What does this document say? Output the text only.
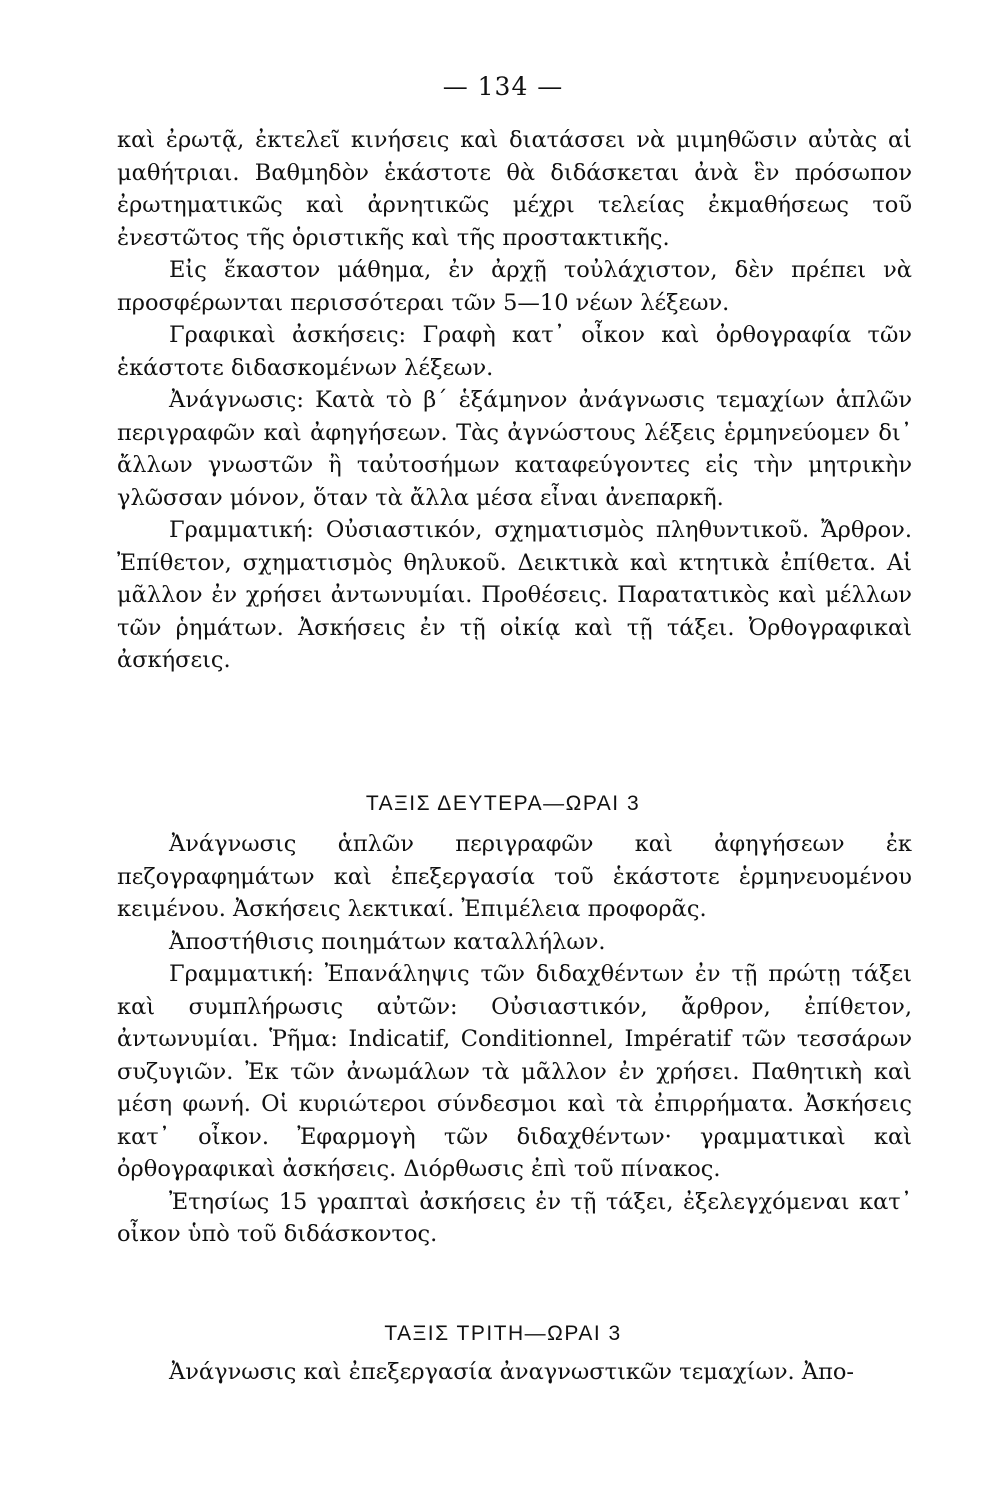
— 134 —

καὶ ἐρωτᾷ, ἐκτελεῖ κινήσεις καὶ διατάσσει νὰ μιμηθῶσιν αὐτὰς αἱ μαθήτριαι. Βαθμηδὸν ἑκάστοτε θὰ διδάσκεται ἀνὰ ἓν πρόσωπον ἐρωτηματικῶς καὶ ἀρνητικῶς μέχρι τελείας ἐκμαθήσεως τοῦ ἐνεστῶτος τῆς ὁριστικῆς καὶ τῆς προστακτικῆς.

Εἰς ἕκαστον μάθημα, ἐν ἀρχῇ τοὐλάχιστον, δὲν πρέπει νὰ προσφέρωνται περισσότεραι τῶν 5—10 νέων λέξεων.

Γραφικαὶ ἀσκήσεις: Γραφὴ κατ᾿ οἶκον καὶ ὀρθογραφία τῶν ἑκάστοτε διδασκομένων λέξεων.

Ἀνάγνωσις: Κατὰ τὸ β΄ ἑξάμηνον ἀνάγνωσις τεμαχίων ἁπλῶν περιγραφῶν καὶ ἀφηγήσεων. Τὰς ἀγνώστους λέξεις ἑρμηνεύομεν δι᾿ ἄλλων γνωστῶν ἢ ταὐτοσήμων καταφεύγοντες εἰς τὴν μητρικὴν γλῶσσαν μόνον, ὅταν τὰ ἄλλα μέσα εἶναι ἀνεπαρκῆ.

Γραμματική: Οὐσιαστικόν, σχηματισμὸς πληθυντικοῦ. Ἄρθρον. Ἐπίθετον, σχηματισμὸς θηλυκοῦ. Δεικτικὰ καὶ κτητικὰ ἐπίθετα. Αἱ μᾶλλον ἐν χρήσει ἀντωνυμίαι. Προθέσεις. Παρατατικὸς καὶ μέλλων τῶν ῥημάτων. Ἀσκήσεις ἐν τῇ οἰκίᾳ καὶ τῇ τάξει. Ὀρθογραφικαὶ ἀσκήσεις.

ΤΑΞΙΣ ΔΕΥΤΕΡΑ—ΩΡΑΙ 3

Ἀνάγνωσις ἁπλῶν περιγραφῶν καὶ ἀφηγήσεων ἐκ πεζογραφημάτων καὶ ἐπεξεργασία τοῦ ἑκάστοτε ἑρμηνευομένου κειμένου. Ἀσκήσεις λεκτικαί. Ἐπιμέλεια προφορᾶς.

Ἀποστήθισις ποιημάτων καταλλήλων.

Γραμματική: Ἐπανάληψις τῶν διδαχθέντων ἐν τῇ πρώτῃ τάξει καὶ συμπλήρωσις αὐτῶν: Οὐσιαστικόν, ἄρθρον, ἐπίθετον, ἀντωνυμίαι. Ῥῆμα: Indicatif, Conditionnel, Impératif τῶν τεσσάρων συζυγιῶν. Ἐκ τῶν ἀνωμάλων τὰ μᾶλλον ἐν χρήσει. Παθητικὴ καὶ μέση φωνή. Οἱ κυριώτεροι σύνδεσμοι καὶ τὰ ἐπιρρήματα. Ἀσκήσεις κατ᾿ οἶκον. Ἐφαρμογὴ τῶν διδαχθέντων· γραμματικαὶ καὶ ὀρθογραφικαὶ ἀσκήσεις. Διόρθωσις ἐπὶ τοῦ πίνακος.

Ἐτησίως 15 γραπταὶ ἀσκήσεις ἐν τῇ τάξει, ἐξελεγχόμεναι κατ᾿ οἶκον ὑπὸ τοῦ διδάσκοντος.

ΤΑΞΙΣ ΤΡΙΤΗ—ΩΡΑΙ 3

Ἀνάγνωσις καὶ ἐπεξεργασία ἀναγνωστικῶν τεμαχίων. Ἀπο-
